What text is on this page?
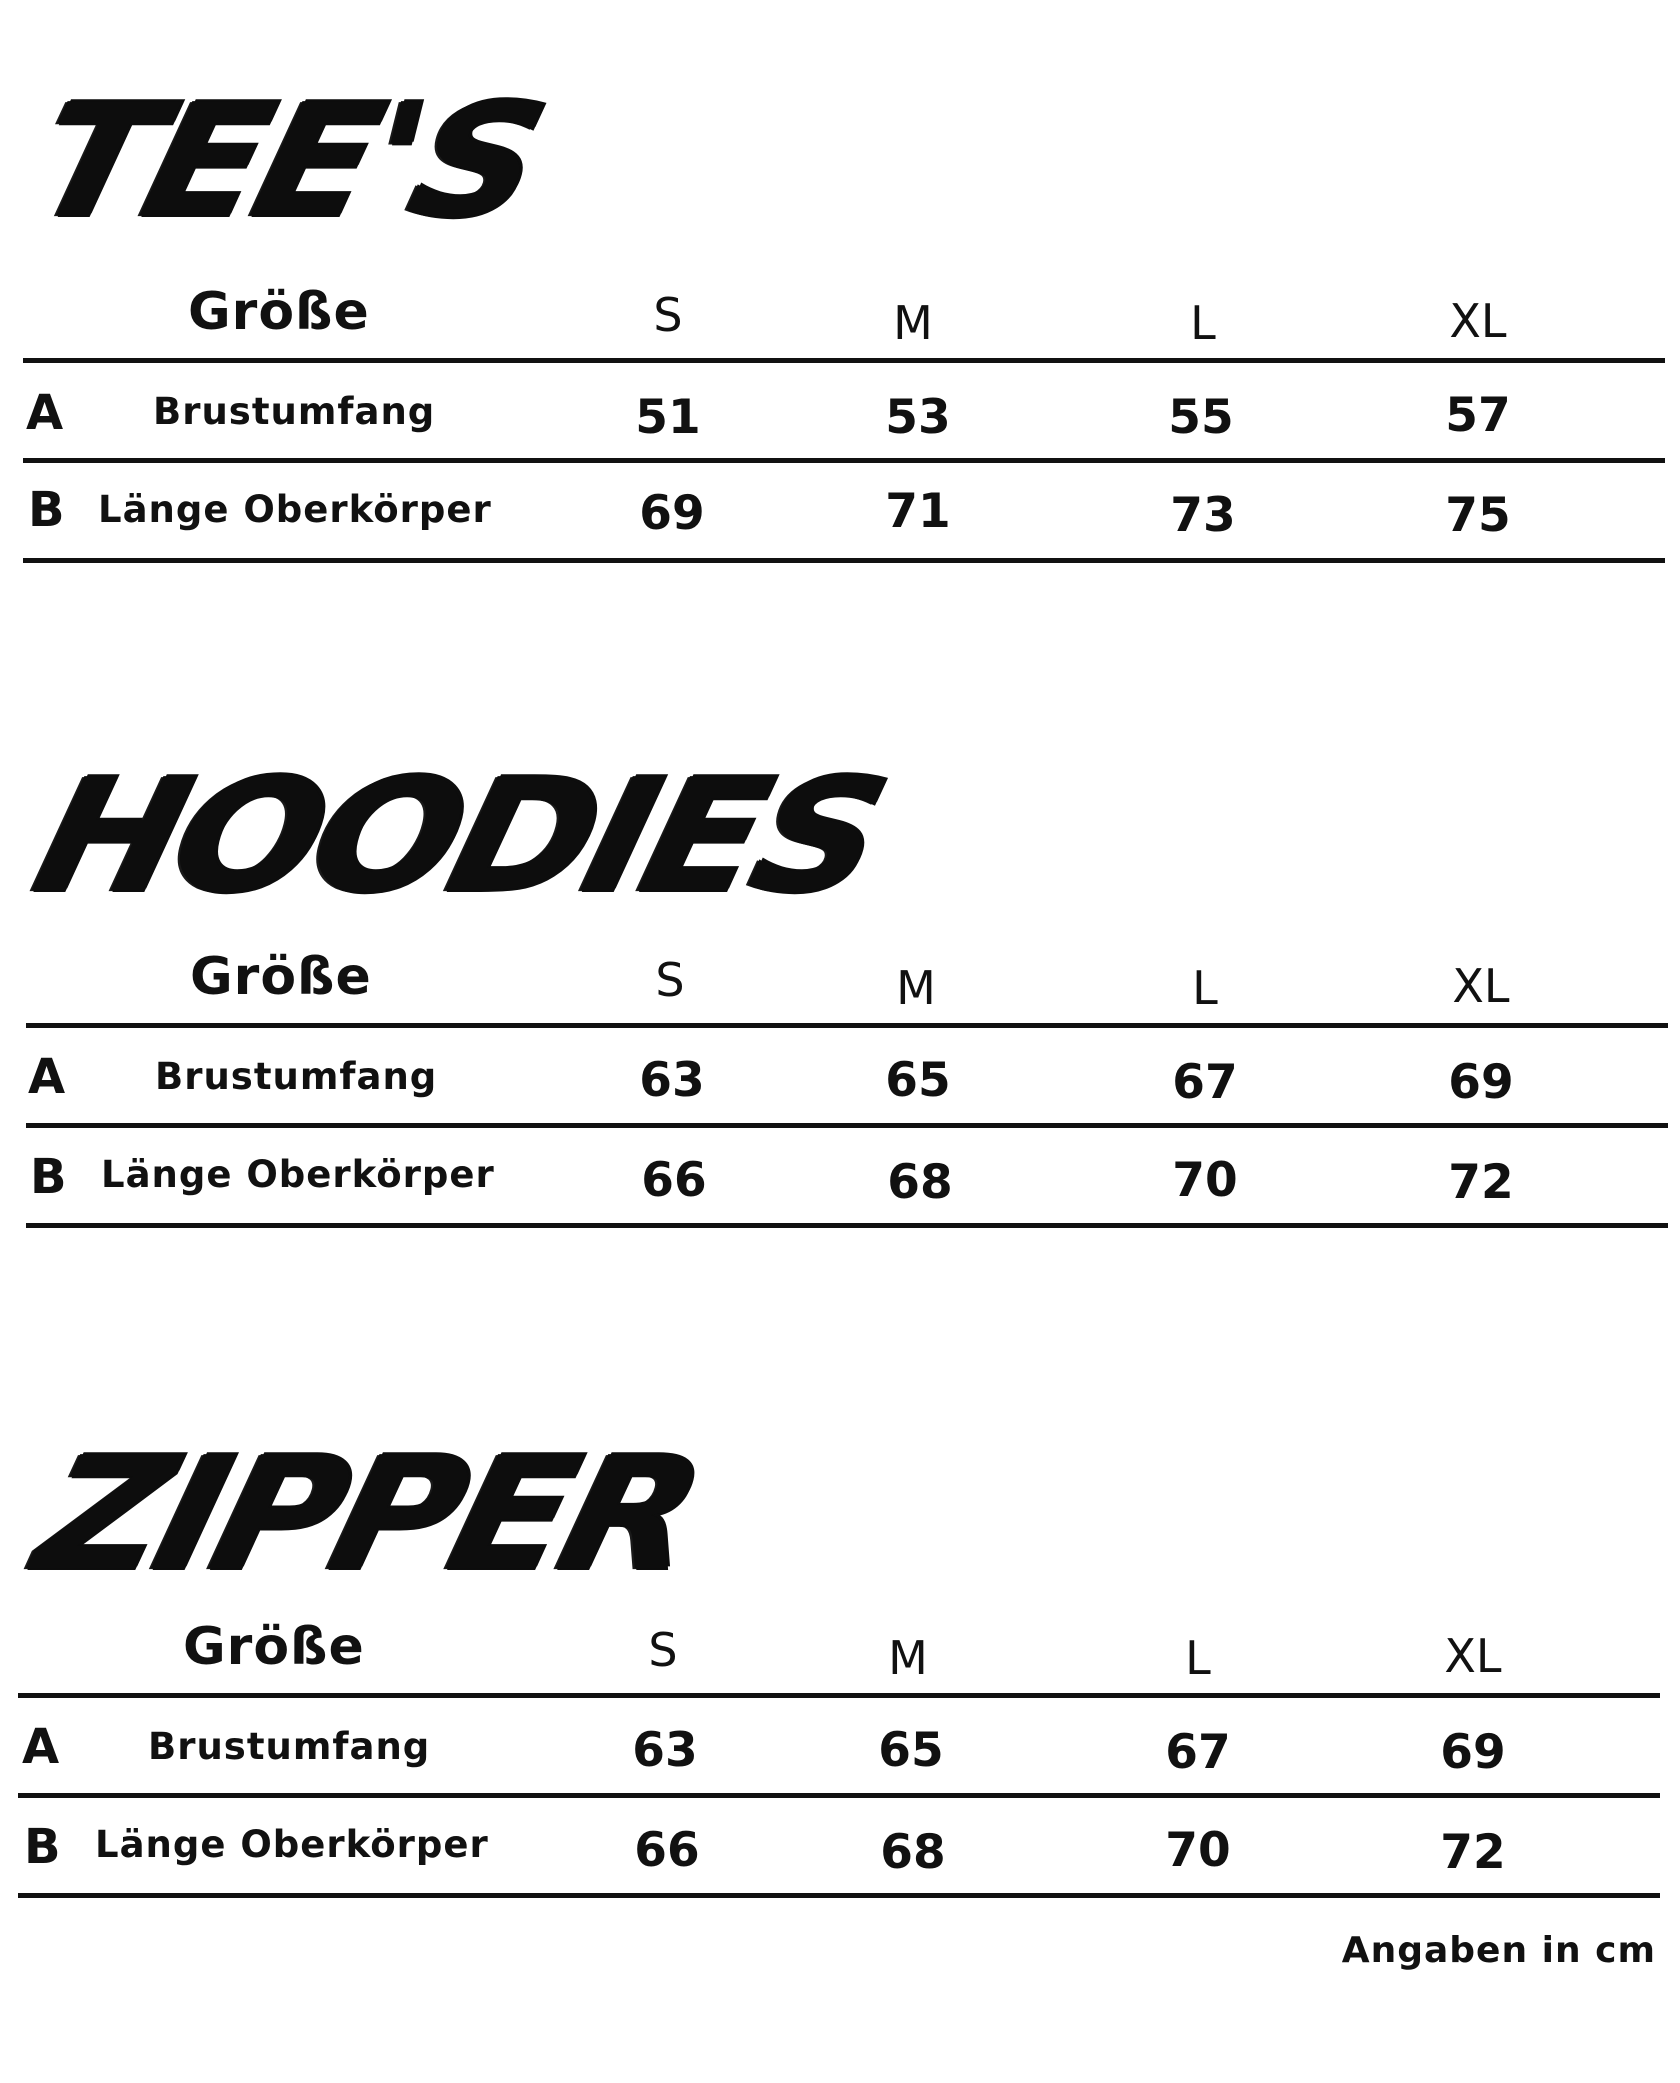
TEE'S
Größe	S	M	L	XL
A Brustumfang	51	53	55	57
B Länge Oberkörper	69	71	73	75
HOODIES
Größe	S	M	L	XL
A Brustumfang	63	65	67	69
B Länge Oberkörper	66	68	70	72
ZIPPER
Größe	S	M	L	XL
A Brustumfang	63	65	67	69
B Länge Oberkörper	66	68	70	72
Angaben in cm
